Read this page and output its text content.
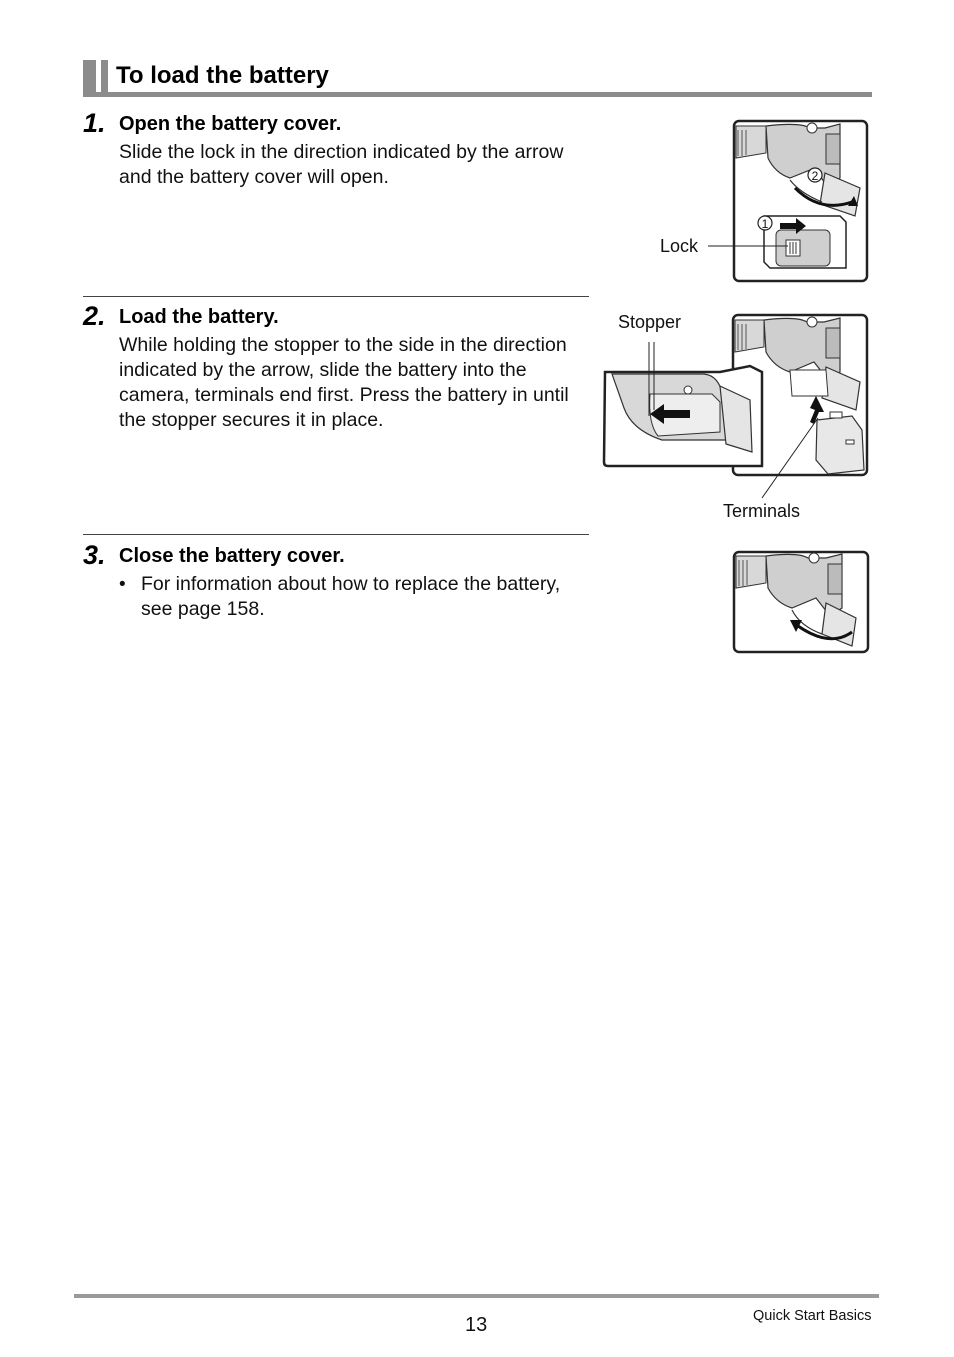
To load the battery
1. Open the battery cover.
Slide the lock in the direction indicated by the arrow and the battery cover will open.	2
1
Lock
2. Load the battery.
While holding the stopper to the side in the direction indicated by the arrow, slide the battery into the camera, terminals end first. Press the battery in until the stopper secures it in place.
Stopper
Terminals
3. Close the battery cover.
• For information about how to replace the battery, see page 158.
13	Quick Start Basics
